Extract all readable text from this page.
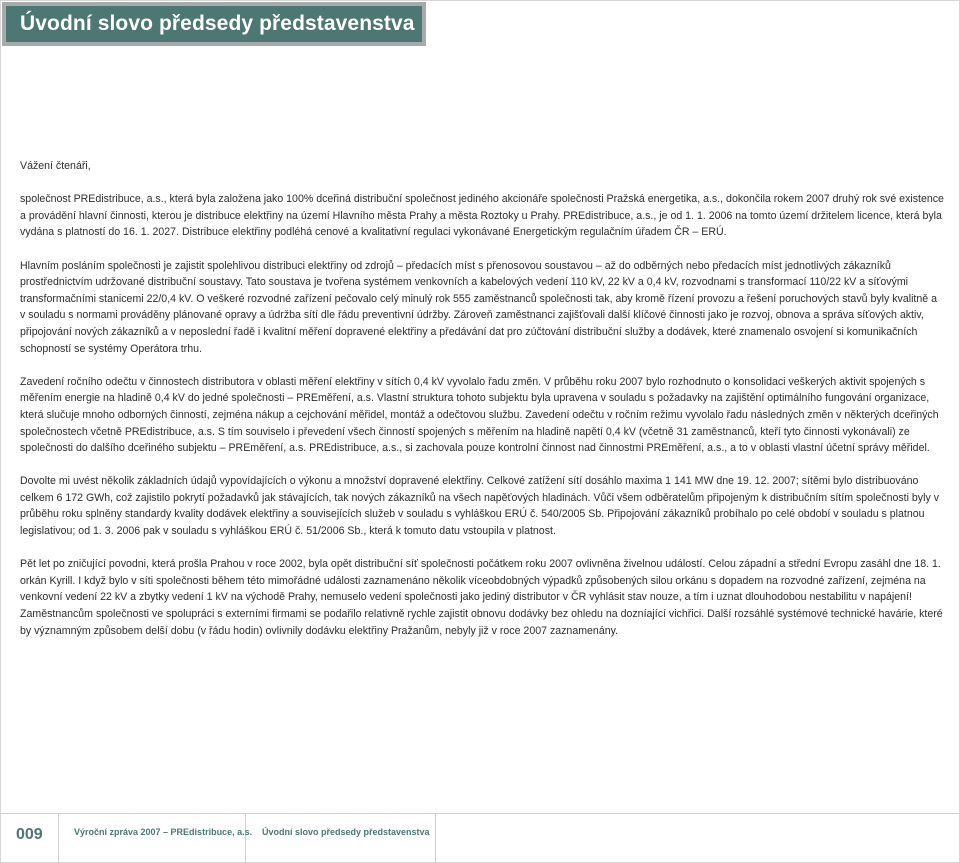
Úvodní slovo předsedy představenstva

Vážení čtenáři,

společnost PREdistribuce, a.s., která byla založena jako 100% dceřiná distribuční společnost jediného akcionáře společnosti Pražská energetika, a.s., dokončila rokem 2007 druhý rok své existence a provádění hlavní činnosti, kterou je distribuce elektřiny na území Hlavního města Prahy a města Roztoky u Prahy. PREdistribuce, a.s., je od 1. 1. 2006 na tomto území držitelem licence, která byla vydána s platností do 16. 1. 2027. Distribuce elektřiny podléhá cenové a kvalitativní regulaci vykonávané Energetickým regulačním úřadem ČR – ERÚ.

Hlavním posláním společnosti je zajistit spolehlivou distribuci elektřiny od zdrojů – předacích míst s přenosovou soustavou – až do odběrných nebo předacích míst jednotlivých zákazníků prostřednictvím udržované distribuční soustavy. Tato soustava je tvořena systémem venkovních a kabelových vedení 110 kV, 22 kV a 0,4 kV, rozvodnami s transformací 110/22 kV a síťovými transformačními stanicemi 22/0,4 kV. O veškeré rozvodné zařízení pečovalo celý minulý rok 555 zaměstnanců společnosti tak, aby kromě řízení provozu a řešení poruchových stavů byly kvalitně a v souladu s normami prováděny plánované opravy a údržba sítí dle řádu preventivní údržby. Zároveň zaměstnanci zajišťovali další klíčové činnosti jako je rozvoj, obnova a správa síťových aktiv, připojování nových zákazníků a v neposlední řadě i kvalitní měření dopravené elektřiny a předávání dat pro zúčtování distribuční služby a dodávek, které znamenalo osvojení si komunikačních schopností se systémy Operátora trhu.

Zavedení ročního odečtu v činnostech distributora v oblasti měření elektřiny v sítích 0,4 kV vyvolalo řadu změn. V průběhu roku 2007 bylo rozhodnuto o konsolidaci veškerých aktivit spojených s měřením energie na hladině 0,4 kV do jedné společnosti – PREměření, a.s. Vlastní struktura tohoto subjektu byla upravena v souladu s požadavky na zajištění optimálního fungování organizace, která slučuje mnoho odborných činností, zejména nákup a cejchování měřidel, montáž a odečtovou službu. Zavedení odečtu v ročním režimu vyvolalo řadu následných změn v některých dceřiných společnostech včetně PREdistribuce, a.s. S tím souviselo i převedení všech činností spojených s měřením na hladině napětí 0,4 kV (včetně 31 zaměstnanců, kteří tyto činnosti vykonávali) ze společnosti do dalšího dceřiného subjektu – PREměření, a.s. PREdistribuce, a.s., si zachovala pouze kontrolní činnost nad činnostmi PREměření, a.s., a to v oblasti vlastní účetní správy měřidel.

Dovolte mi uvést několik základních údajů vypovídajících o výkonu a množství dopravené elektřiny. Celkové zatížení sítí dosáhlo maxima 1 141 MW dne 19. 12. 2007; sítěmi bylo distribuováno celkem 6 172 GWh, což zajistilo pokrytí požadavků jak stávajících, tak nových zákazníků na všech napěťových hladinách. Vůči všem odběratelům připojeným k distribučním sítím společnosti byly v průběhu roku splněny standardy kvality dodávek elektřiny a souvisejících služeb v souladu s vyhláškou ERÚ č. 540/2005 Sb. Připojování zákazníků probíhalo po celé období v souladu s platnou legislativou; od 1. 3. 2006 pak v souladu s vyhláškou ERÚ č. 51/2006 Sb., která k tomuto datu vstoupila v platnost.

Pět let po zničující povodni, která prošla Prahou v roce 2002, byla opět distribuční síť společnosti počátkem roku 2007 ovlivněna živelnou událostí. Celou západní a střední Evropu zasáhl dne 18. 1. orkán Kyrill. I když bylo v síti společnosti během této mimořádné události zaznamenáno několik víceobdobných výpadků způsobených silou orkánu s dopadem na rozvodné zařízení, zejména na venkovní vedení 22 kV a zbytky vedení 1 kV na východě Prahy, nemuselo vedení společnosti jako jediný distributor v ČR vyhlásit stav nouze, a tím i uznat dlouhodobou nestabilitu v napájení! Zaměstnancům společnosti ve spolupráci s externími firmami se podařilo relativně rychle zajistit obnovu dodávky bez ohledu na dozníající vichřici. Další rozsáhlé systémové technické havárie, které by významným způsobem delší dobu (v řádu hodin) ovlivnily dodávku elektřiny Pražanům, nebyly již v roce 2007 zaznamenány.

009	Výroční zpráva 2007 – PREdistribuce, a.s. Úvodní slovo předsedy představenstva
